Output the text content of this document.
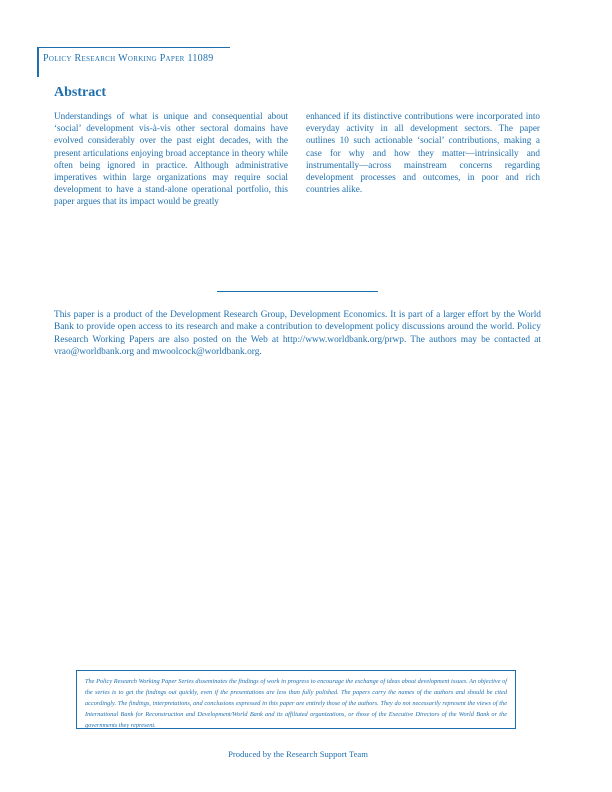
Policy Research Working Paper 11089
Abstract

Understandings of what is unique and consequential about ‘social’ development vis-à-vis other sectoral domains have evolved considerably over the past eight decades, with the present articulations enjoying broad acceptance in theory while often being ignored in practice. Although administrative imperatives within large organizations may require social development to have a stand-alone operational portfolio, this paper argues that its impact would be greatly

enhanced if its distinctive contributions were incorporated into everyday activity in all development sectors. The paper outlines 10 such actionable ‘social’ contributions, making a case for why and how they matter—intrinsically and instrumentally—across mainstream concerns regarding development processes and outcomes, in poor and rich countries alike.

This paper is a product of the Development Research Group, Development Economics. It is part of a larger effort by the World Bank to provide open access to its research and make a contribution to development policy discussions around the world. Policy Research Working Papers are also posted on the Web at http://www.worldbank.org/prwp. The authors may be contacted at vrao@worldbank.org and mwoolcock@worldbank.org.

The Policy Research Working Paper Series disseminates the findings of work in progress to encourage the exchange of ideas about development issues. An objective of the series is to get the findings out quickly, even if the presentations are less than fully polished. The papers carry the names of the authors and should be cited accordingly. The findings, interpretations, and conclusions expressed in this paper are entirely those of the authors. They do not necessarily represent the views of the International Bank for Reconstruction and Development/World Bank and its affiliated organizations, or those of the Executive Directors of the World Bank or the governments they represent.

Produced by the Research Support Team
